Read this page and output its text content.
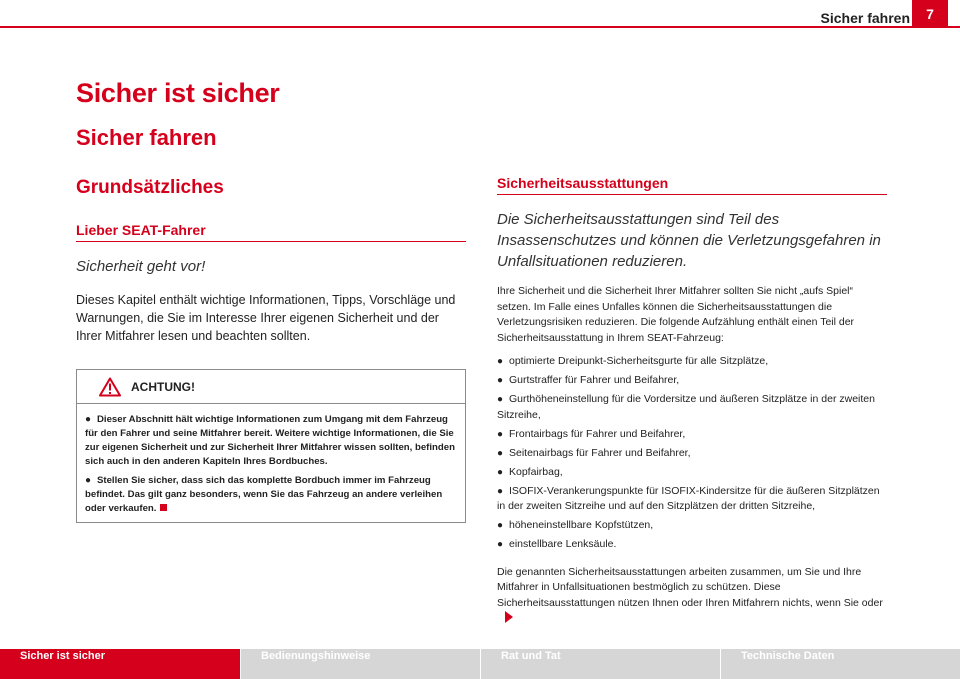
Sicher fahren	7
Sicher ist sicher
Sicher fahren
Grundsätzliches
Lieber SEAT-Fahrer

Sicherheit geht vor!

Dieses Kapitel enthält wichtige Informationen, Tipps, Vorschläge und Warnungen, die Sie im Interesse Ihrer eigenen Sicherheit und der Ihrer Mitfahrer lesen und beachten sollten.

ACHTUNG!

● Dieser Abschnitt hält wichtige Informationen zum Umgang mit dem Fahrzeug für den Fahrer und seine Mitfahrer bereit. Weitere wichtige Informationen, die Sie zur eigenen Sicherheit und zur Sicherheit Ihrer Mitfahrer wissen sollten, befinden sich auch in den anderen Kapiteln Ihres Bordbuches.

● Stellen Sie sicher, dass sich das komplette Bordbuch immer im Fahrzeug befindet. Das gilt ganz besonders, wenn Sie das Fahrzeug an andere verleihen oder verkaufen.

Sicherheitsausstattungen

Die Sicherheitsausstattungen sind Teil des Insassenschutzes und können die Verletzungsgefahren in Unfallsituationen reduzieren.

Ihre Sicherheit und die Sicherheit Ihrer Mitfahrer sollten Sie nicht „aufs Spiel“ setzen. Im Falle eines Unfalles können die Sicherheitsausstattungen die Verletzungsrisiken reduzieren. Die folgende Aufzählung enthält einen Teil der Sicherheitsausstattung in Ihrem SEAT-Fahrzeug:

● optimierte Dreipunkt-Sicherheitsgurte für alle Sitzplätze,
● Gurtstraffer für Fahrer und Beifahrer,
● Gurthöheneinstellung für die Vordersitze und äußeren Sitzplätze in der zweiten Sitzreihe,
● Frontairbags für Fahrer und Beifahrer,
● Seitenairbags für Fahrer und Beifahrer,
● Kopfairbag,
● ISOFIX-Verankerungspunkte für ISOFIX-Kindersitze für die äußeren Sitzplätzen in der zweiten Sitzreihe und auf den Sitzplätzen der dritten Sitzreihe,
● höheneinstellbare Kopfstützen,
● einstellbare Lenksäule.

Die genannten Sicherheitsausstattungen arbeiten zusammen, um Sie und Ihre Mitfahrer in Unfallsituationen bestmöglich zu schützen. Diese Sicherheitsausstattungen nützen Ihnen oder Ihren Mitfahrern nichts, wenn Sie oder

Sicher ist sicher	Bedienungshinweise	Rat und Tat	Technische Daten
